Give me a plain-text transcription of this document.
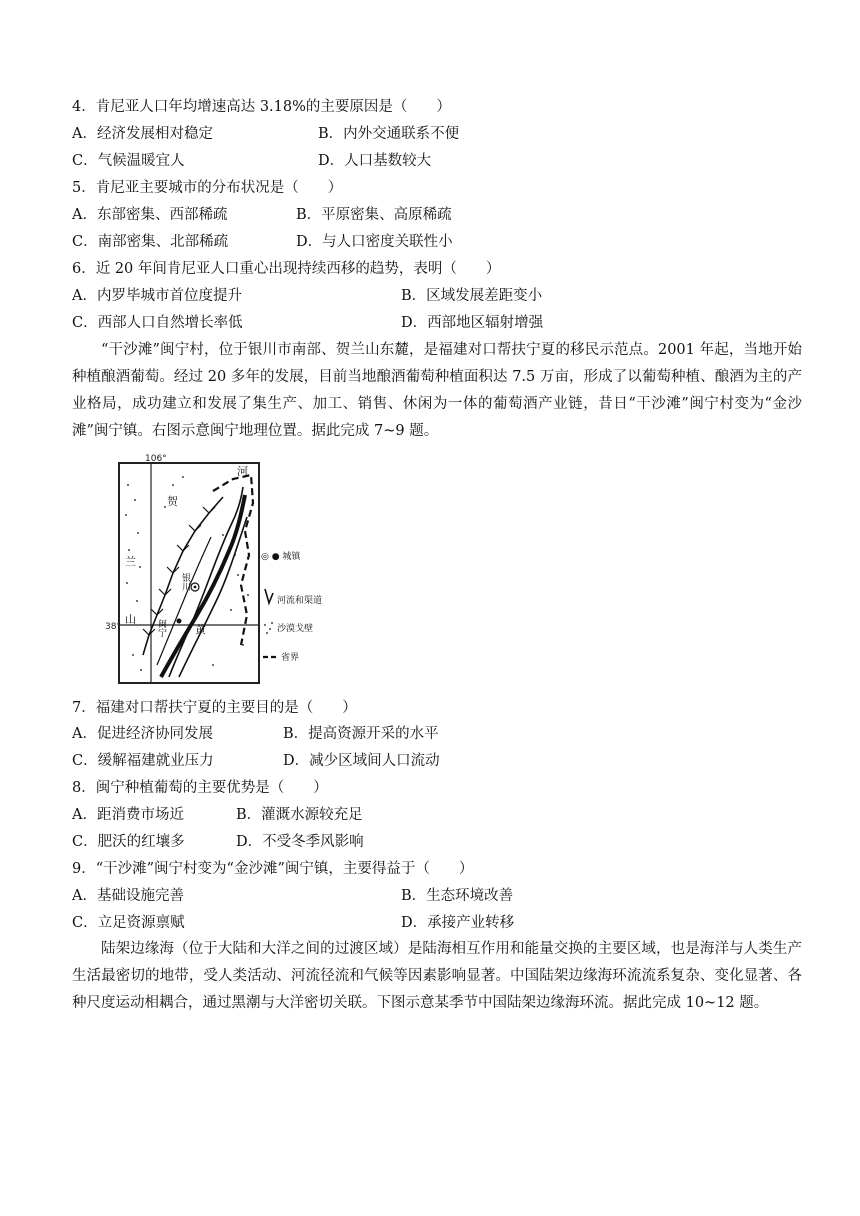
4．肯尼亚人口年均增速高达 3.18%的主要原因是（　　）
A．经济发展相对稳定	B．内外交通联系不便
C．气候温暖宜人	D．人口基数较大
5．肯尼亚主要城市的分布状况是（　　）
A．东部密集、西部稀疏	B．平原密集、高原稀疏
C．南部密集、北部稀疏	D．与人口密度关联性小
6．近 20 年间肯尼亚人口重心出现持续西移的趋势，表明（　　）
A．内罗毕城市首位度提升	B．区域发展差距变小
C．西部人口自然增长率低	D．西部地区辐射增强
“干沙滩”闽宁村，位于银川市南部、贺兰山东麓，是福建对口帮扶宁夏的移民示范点。2001 年起，当地开始种植酿酒葡萄。经过 20 多年的发展，目前当地酿酒葡萄种植面积达 7.5 万亩，形成了以葡萄种植、酿酒为主的产业格局，成功建立和发展了集生产、加工、销售、休闲为一体的葡萄酒产业链，昔日“干沙滩”闽宁村变为“金沙滩”闽宁镇。右图示意闽宁地理位置。据此完成 7~9 题。
106°
38°
贺
兰
山
银川
闽宁	黄
河
◎ ● 城镇
河流和渠道
沙漠戈壁
省界
7．福建对口帮扶宁夏的主要目的是（　　）
A．促进经济协同发展	B．提高资源开采的水平
C．缓解福建就业压力	D．减少区域间人口流动
8．闽宁种植葡萄的主要优势是（　　）
A．距消费市场近	B．灌溉水源较充足
C．肥沃的红壤多	D．不受冬季风影响
9．“干沙滩”闽宁村变为“金沙滩”闽宁镇，主要得益于（　　）
A．基础设施完善	B．生态环境改善
C．立足资源禀赋	D．承接产业转移
陆架边缘海（位于大陆和大洋之间的过渡区域）是陆海相互作用和能量交换的主要区域，也是海洋与人类生产生活最密切的地带，受人类活动、河流径流和气候等因素影响显著。中国陆架边缘海环流流系复杂、变化显著、各种尺度运动相耦合，通过黑潮与大洋密切关联。下图示意某季节中国陆架边缘海环流。据此完成 10~12 题。
